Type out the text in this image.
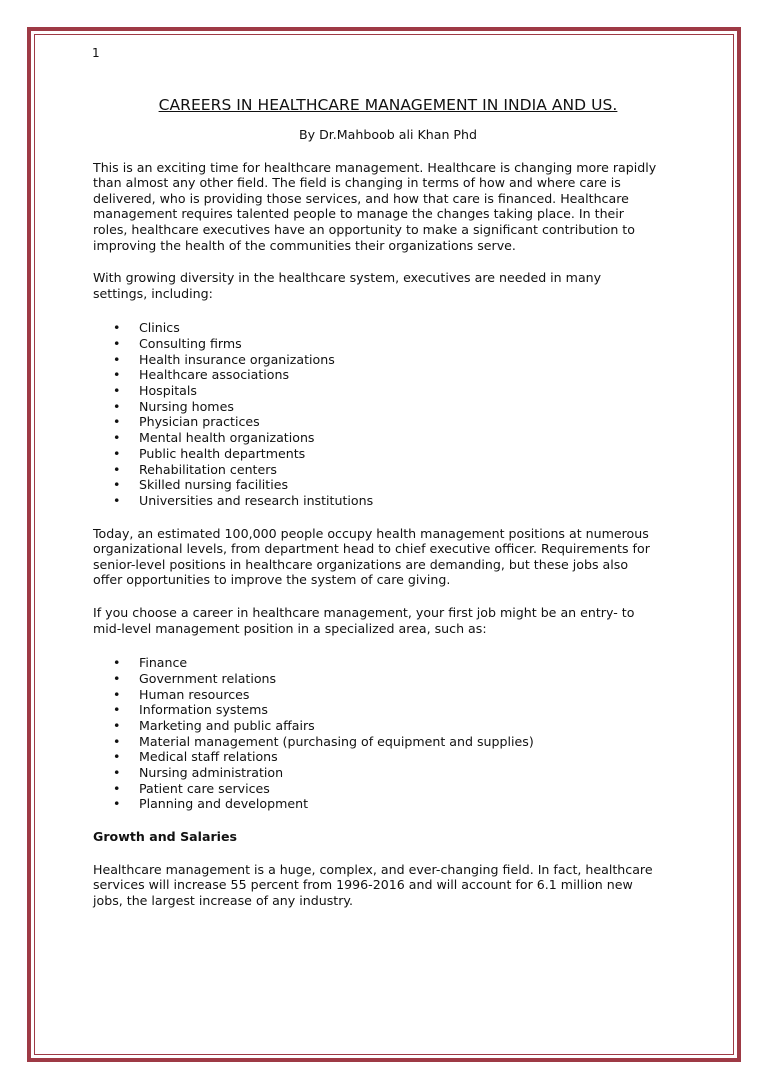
1
CAREERS IN HEALTHCARE MANAGEMENT IN INDIA AND US.
By Dr.Mahboob ali Khan Phd

This is an exciting time for healthcare management. Healthcare is changing more rapidly
than almost any other field. The field is changing in terms of how and where care is
delivered, who is providing those services, and how that care is financed. Healthcare
management requires talented people to manage the changes taking place. In their
roles, healthcare executives have an opportunity to make a significant contribution to
improving the health of the communities their organizations serve.

With growing diversity in the healthcare system, executives are needed in many
settings, including:

• Clinics
• Consulting firms
• Health insurance organizations
• Healthcare associations
• Hospitals
• Nursing homes
• Physician practices
• Mental health organizations
• Public health departments
• Rehabilitation centers
• Skilled nursing facilities
• Universities and research institutions

Today, an estimated 100,000 people occupy health management positions at numerous
organizational levels, from department head to chief executive officer. Requirements for
senior-level positions in healthcare organizations are demanding, but these jobs also
offer opportunities to improve the system of care giving.

If you choose a career in healthcare management, your first job might be an entry- to
mid-level management position in a specialized area, such as:

• Finance
• Government relations
• Human resources
• Information systems
• Marketing and public affairs
• Material management (purchasing of equipment and supplies)
• Medical staff relations
• Nursing administration
• Patient care services
• Planning and development
Growth and Salaries

Healthcare management is a huge, complex, and ever-changing field. In fact, healthcare
services will increase 55 percent from 1996-2016 and will account for 6.1 million new
jobs, the largest increase of any industry.
